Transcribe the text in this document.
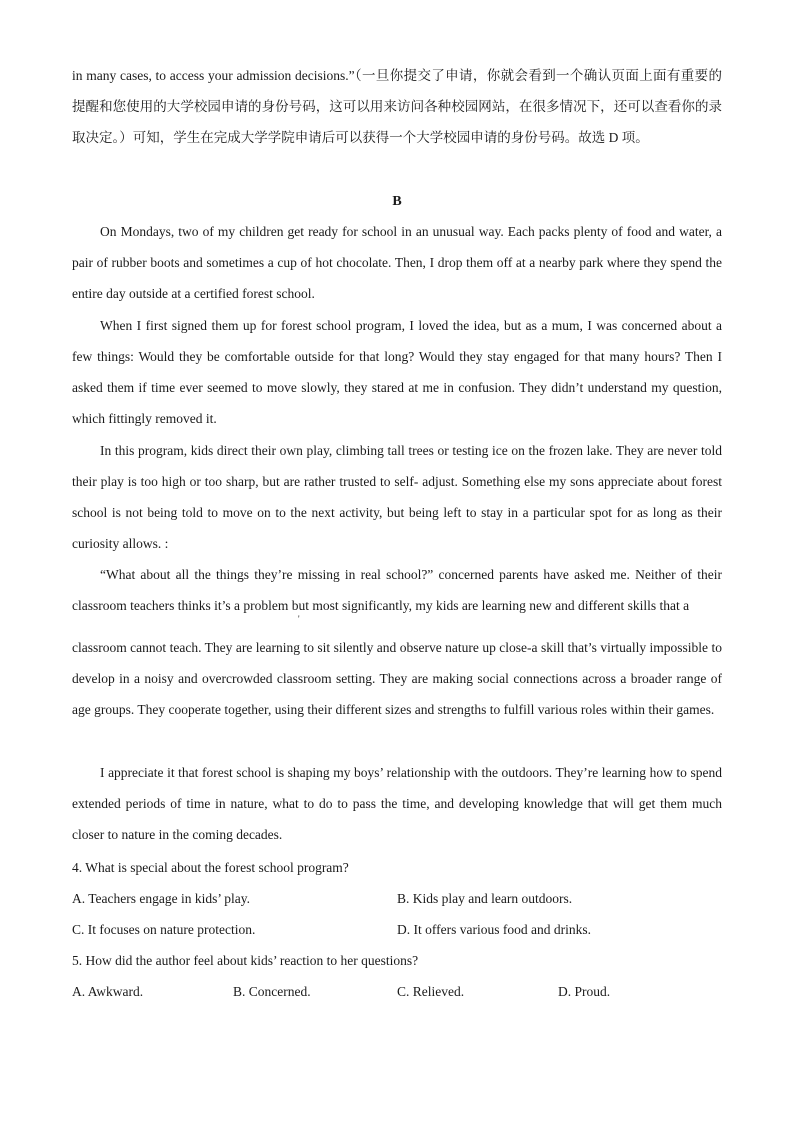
in many cases, to access your admission decisions.”（一旦你提交了申请，你就会看到一个确认页面上面有重要的提醒和您使用的大学校园申请的身份号码，这可以用来访问各种校园网站，在很多情况下，还可以查看你的录取决定。）可知，学生在完成大学学院申请后可以获得一个大学校园申请的身份号码。故选 D 项。

B

On Mondays, two of my children get ready for school in an unusual way. Each packs plenty of food and water, a pair of rubber boots and sometimes a cup of hot chocolate. Then, I drop them off at a nearby park where they spend the entire day outside at a certified forest school.

When I first signed them up for forest school program, I loved the idea, but as a mum, I was concerned about a few things: Would they be comfortable outside for that long? Would they stay engaged for that many hours? Then I asked them if time ever seemed to move slowly, they stared at me in confusion. They didn’t understand my question, which fittingly removed it.

In this program, kids direct their own play, climbing tall trees or testing ice on the frozen lake. They are never told their play is too high or too sharp, but are rather trusted to self- adjust. Something else my sons appreciate about forest school is not being told to move on to the next activity, but being left to stay in a particular spot for as long as their curiosity allows. :

“What about all the things they’re missing in real school?” concerned parents have asked me. Neither of their classroom teachers thinks it’s a problem but most significantly, my kids are learning new and different skills that a

'

classroom cannot teach. They are learning to sit silently and observe nature up close-a skill that’s virtually impossible to develop in a noisy and overcrowded classroom setting. They are making social connections across a broader range of age groups. They cooperate together, using their different sizes and strengths to fulfill various roles within their games.

I appreciate it that forest school is shaping my boys’ relationship with the outdoors. They’re learning how to spend extended periods of time in nature, what to do to pass the time, and developing knowledge that will get them much closer to nature in the coming decades.

4. What is special about the forest school program?

A. Teachers engage in kids’ play.	B. Kids play and learn outdoors.
C. It focuses on nature protection.	D. It offers various food and drinks.

5. How did the author feel about kids’ reaction to her questions?

A. Awkward.	B. Concerned.	C. Relieved.	D. Proud.
